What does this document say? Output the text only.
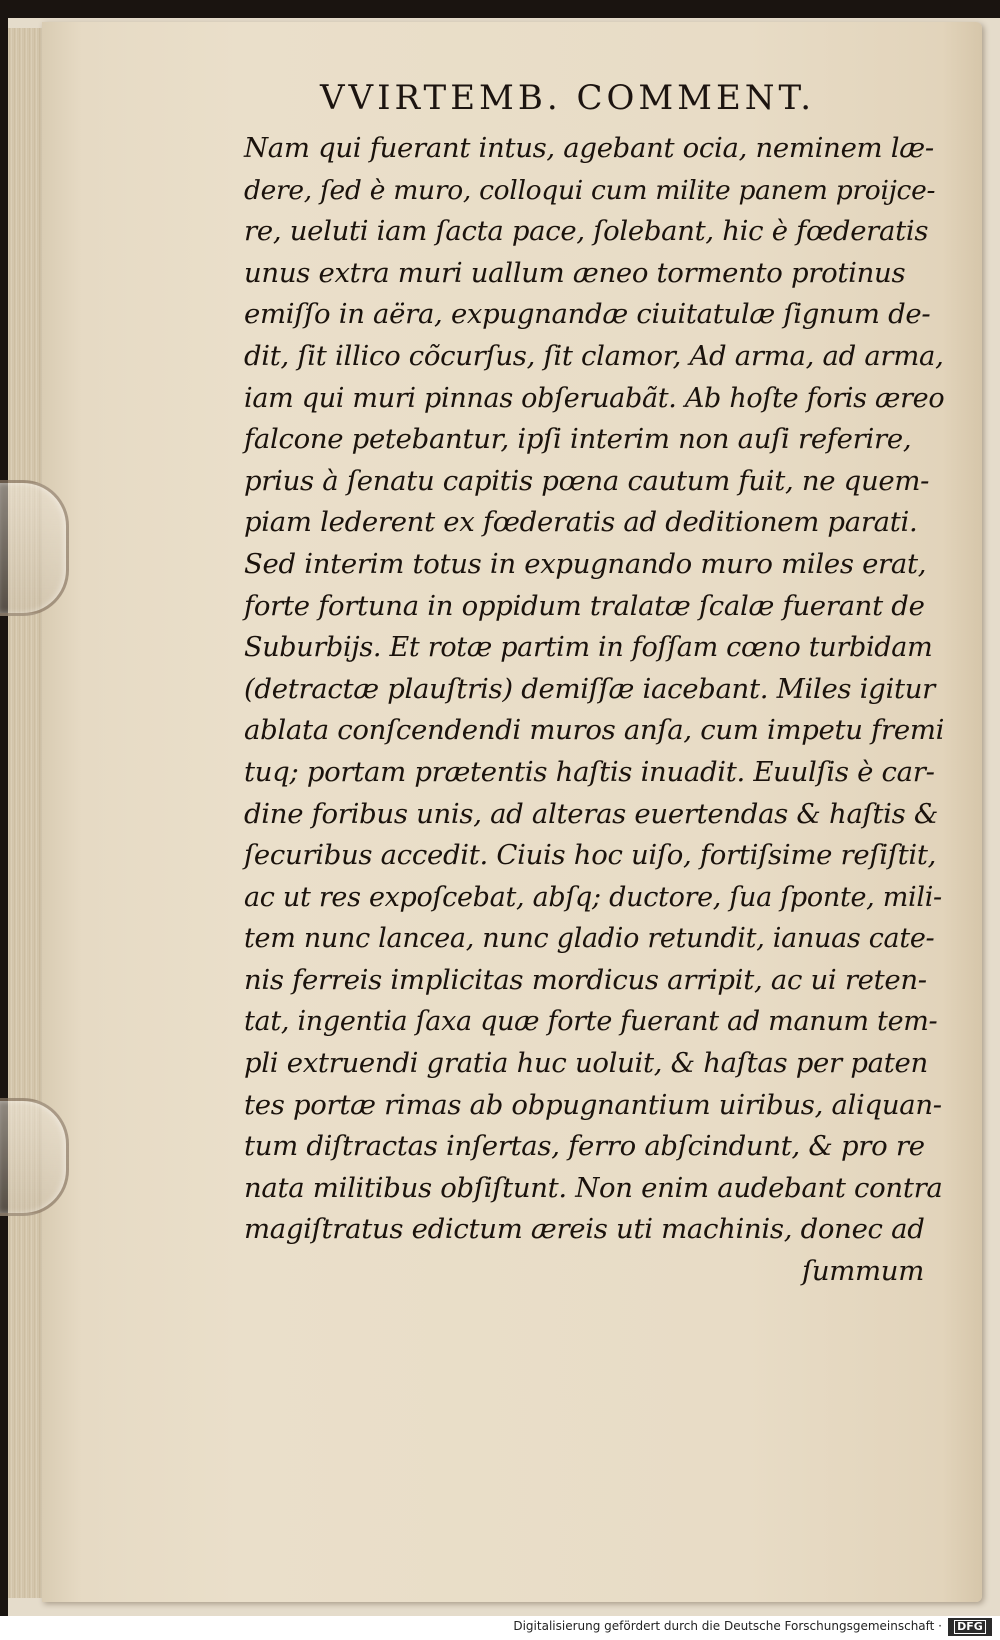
VVIRTEMB. COMMENT.
Nam qui fuerant intus, agebant ocia, neminem læ-
dere, ſed è muro, colloqui cum milite panem proijce-
re, ueluti iam ſacta pace, ſolebant, hic è fœderatis
unus extra muri uallum æneo tormento protinus
emiſſo in aëra, expugnandæ ciuitatulæ ſignum de-
dit, ſit illico cõcurſus, ſit clamor, Ad arma, ad arma,
iam qui muri pinnas obſeruabãt. Ab hoſte foris æreo
falcone petebantur, ipſi interim non auſi referire,
prius à ſenatu capitis pœna cautum fuit, ne quem-
piam lederent ex fœderatis ad deditionem parati.
Sed interim totus in expugnando muro miles erat,
forte fortuna in oppidum tralatæ ſcalæ fuerant de
Suburbijs. Et rotæ partim in foſſam cœno turbidam
(detractæ plauſtris) demiſſæ iacebant. Miles igitur
ablata conſcendendi muros anſa, cum impetu fremi
tuq; portam prætentis haſtis inuadit. Euulſis è car-
dine foribus unis, ad alteras euertendas & haſtis &
ſecuribus accedit. Ciuis hoc uiſo, fortiſsime reſiſtit,
ac ut res expoſcebat, abſq; ductore, ſua ſponte, mili-
tem nunc lancea, nunc gladio retundit, ianuas cate-
nis ferreis implicitas mordicus arripit, ac ui reten-
tat, ingentia ſaxa quæ forte fuerant ad manum tem-
pli extruendi gratia huc uoluit, & haſtas per paten
tes portæ rimas ab obpugnantium uiribus, aliquan-
tum diſtractas inſertas, ferro abſcindunt, & pro re
nata militibus obſiſtunt. Non enim audebant contra
magiſtratus edictum æreis uti machinis, donec ad
ſummum
Digitalisierung gefördert durch die Deutsche Forschungsgemeinschaft ·	DFG
